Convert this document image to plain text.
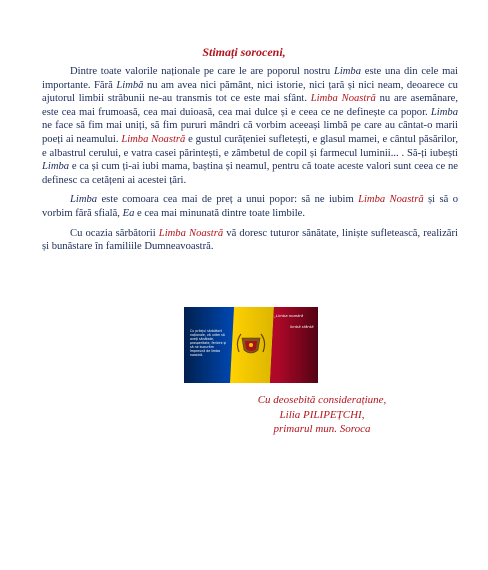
Stimați soroceni,

Dintre toate valorile naționale pe care le are poporul nostru Limba este una din cele mai importante. Fără Limbă nu am avea nici pământ, nici istorie, nici țară și nici neam, deoarece cu ajutorul limbii străbunii ne-au transmis tot ce este mai sfânt. Limba Noastră nu are asemănare, este cea mai frumoasă, cea mai duioasă, cea mai dulce și e ceea ce ne definește ca popor. Limba ne face să fim mai uniți, să fim pururi mândri că vorbim aceeași limbă pe care au cântat-o marii poeți ai neamului. Limba Noastră e gustul curățeniei sufletești, e glasul mamei, e cântul păsărilor, e albastrul cerului, e vatra casei părintești, e zâmbetul de copil și farmecul luminii... . Să-ți iubești Limba e ca și cum ți-ai iubi mama, baștina și neamul, pentru că toate aceste valori sunt ceea ce ne definesc ca cetățeni ai acestei țări.

Limba este comoara cea mai de preț a unui popor: să ne iubim Limba Noastră și să o vorbim fără sfială, Ea e cea mai minunată dintre toate limbile.

Cu ocazia sărbătorii Limba Noastră vă doresc tuturor sănătate, liniște sufletească, realizări și bunăstare în familiile Dumneavoastră.

Cu prilejul sărbătorii naționale, vă urăm să aveți sănătate, prosperitate, fericire și să ne bucurăm împreună de limba noastră.
„Limba noastră
limbă sfântă
Cu deosebită considerațiune,
Lilia PILIPEȚCHI,
primarul mun. Soroca
